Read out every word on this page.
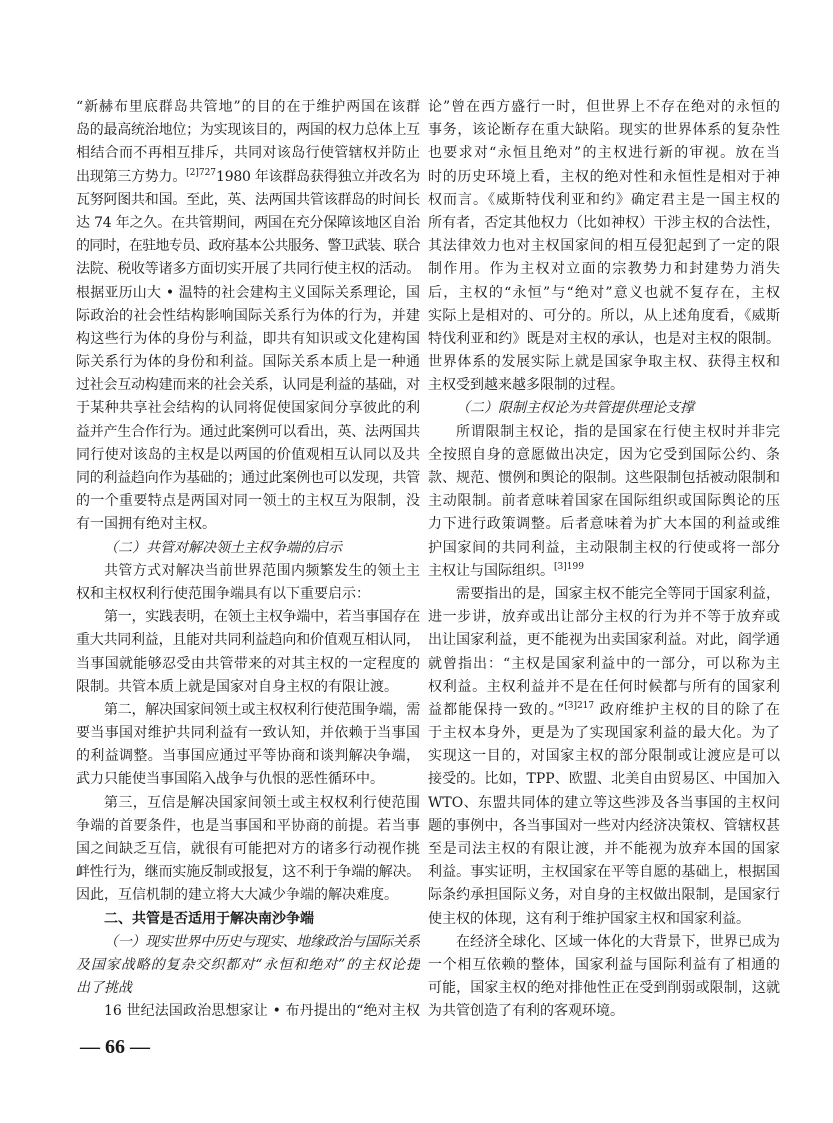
“新赫布里底群岛共管地”的目的在于维护两国在该群
岛的最高统治地位；为实现该目的，两国的权力总体上互
相结合而不再相互排斥，共同对该岛行使管辖权并防止
出现第三方势力。$^{[2]727}$1980 年该群岛获得独立并改名为
瓦努阿图共和国。至此，英、法两国共管该群岛的时间长
达 74 年之久。在共管期间，两国在充分保障该地区自治
的同时，在驻地专员、政府基本公共服务、警卫武装、联合
法院、税收等诸多方面切实开展了共同行使主权的活动。
根据亚历山大 • 温特的社会建构主义国际关系理论，国
际政治的社会性结构影响国际关系行为体的行为，并建
构这些行为体的身份与利益，即共有知识或文化建构国
际关系行为体的身份和利益。国际关系本质上是一种通
过社会互动构建而来的社会关系，认同是利益的基础，对
于某种共享社会结构的认同将促使国家间分享彼此的利
益并产生合作行为。通过此案例可以看出，英、法两国共
同行使对该岛的主权是以两国的价值观相互认同以及共
同的利益趋向作为基础的；通过此案例也可以发现，共管
的一个重要特点是两国对同一领土的主权互为限制，没
有一国拥有绝对主权。
（二）共管对解决领土主权争端的启示
共管方式对解决当前世界范围内频繁发生的领土主
权和主权权利行使范围争端具有以下重要启示：
第一，实践表明，在领土主权争端中，若当事国存在
重大共同利益，且能对共同利益趋向和价值观互相认同，
当事国就能够忍受由共管带来的对其主权的一定程度的
限制。共管本质上就是国家对自身主权的有限让渡。
第二，解决国家间领土或主权权利行使范围争端，需
要当事国对维护共同利益有一致认知，并依赖于当事国
的利益调整。当事国应通过平等协商和谈判解决争端，
武力只能使当事国陷入战争与仇恨的恶性循环中。
第三，互信是解决国家间领土或主权权利行使范围
争端的首要条件，也是当事国和平协商的前提。若当事
国之间缺乏互信，就很有可能把对方的诸多行动视作挑
衅性行为，继而实施反制或报复，这不利于争端的解决。
因此，互信机制的建立将大大减少争端的解决难度。
二、共管是否适用于解决南沙争端
（一）现实世界中历史与现实、地缘政治与国际关系
及国家战略的复杂交织都对“永恒和绝对”的主权论提
出了挑战
16 世纪法国政治思想家让 • 布丹提出的“绝对主权
论”曾在西方盛行一时，但世界上不存在绝对的永恒的
事务，该论断存在重大缺陷。现实的世界体系的复杂性
也要求对“永恒且绝对”的主权进行新的审视。放在当
时的历史环境上看，主权的绝对性和永恒性是相对于神
权而言。《威斯特伐利亚和约》确定君主是一国主权的
所有者，否定其他权力（比如神权）干涉主权的合法性，
其法律效力也对主权国家间的相互侵犯起到了一定的限
制作用。作为主权对立面的宗教势力和封建势力消失
后，主权的“永恒”与“绝对”意义也就不复存在，主权
实际上是相对的、可分的。所以，从上述角度看，《威斯
特伐利亚和约》既是对主权的承认，也是对主权的限制。
世界体系的发展实际上就是国家争取主权、获得主权和
主权受到越来越多限制的过程。
（二）限制主权论为共管提供理论支撑
所谓限制主权论，指的是国家在行使主权时并非完
全按照自身的意愿做出决定，因为它受到国际公约、条
款、规范、惯例和舆论的限制。这些限制包括被动限制和
主动限制。前者意味着国家在国际组织或国际舆论的压
力下进行政策调整。后者意味着为扩大本国的利益或维
护国家间的共同利益，主动限制主权的行使或将一部分
主权让与国际组织。$^{[3]199}$
需要指出的是，国家主权不能完全等同于国家利益，
进一步讲，放弃或出让部分主权的行为并不等于放弃或
出让国家利益，更不能视为出卖国家利益。对此，阎学通
就曾指出：“主权是国家利益中的一部分，可以称为主
权利益。主权利益并不是在任何时候都与所有的国家利
益都能保持一致的。”$^{[3]217}$ 政府维护主权的目的除了在
于主权本身外，更是为了实现国家利益的最大化。为了
实现这一目的，对国家主权的部分限制或让渡应是可以
接受的。比如，TPP、欧盟、北美自由贸易区、中国加入
WTO、东盟共同体的建立等这些涉及各当事国的主权问
题的事例中，各当事国对一些对内经济决策权、管辖权甚
至是司法主权的有限让渡，并不能视为放弃本国的国家
利益。事实证明，主权国家在平等自愿的基础上，根据国
际条约承担国际义务，对自身的主权做出限制，是国家行
使主权的体现，这有利于维护国家主权和国家利益。
在经济全球化、区域一体化的大背景下，世界已成为
一个相互依赖的整体，国家利益与国际利益有了相通的
可能，国家主权的绝对排他性正在受到削弱或限制，这就
为共管创造了有利的客观环境。
— 66 —
